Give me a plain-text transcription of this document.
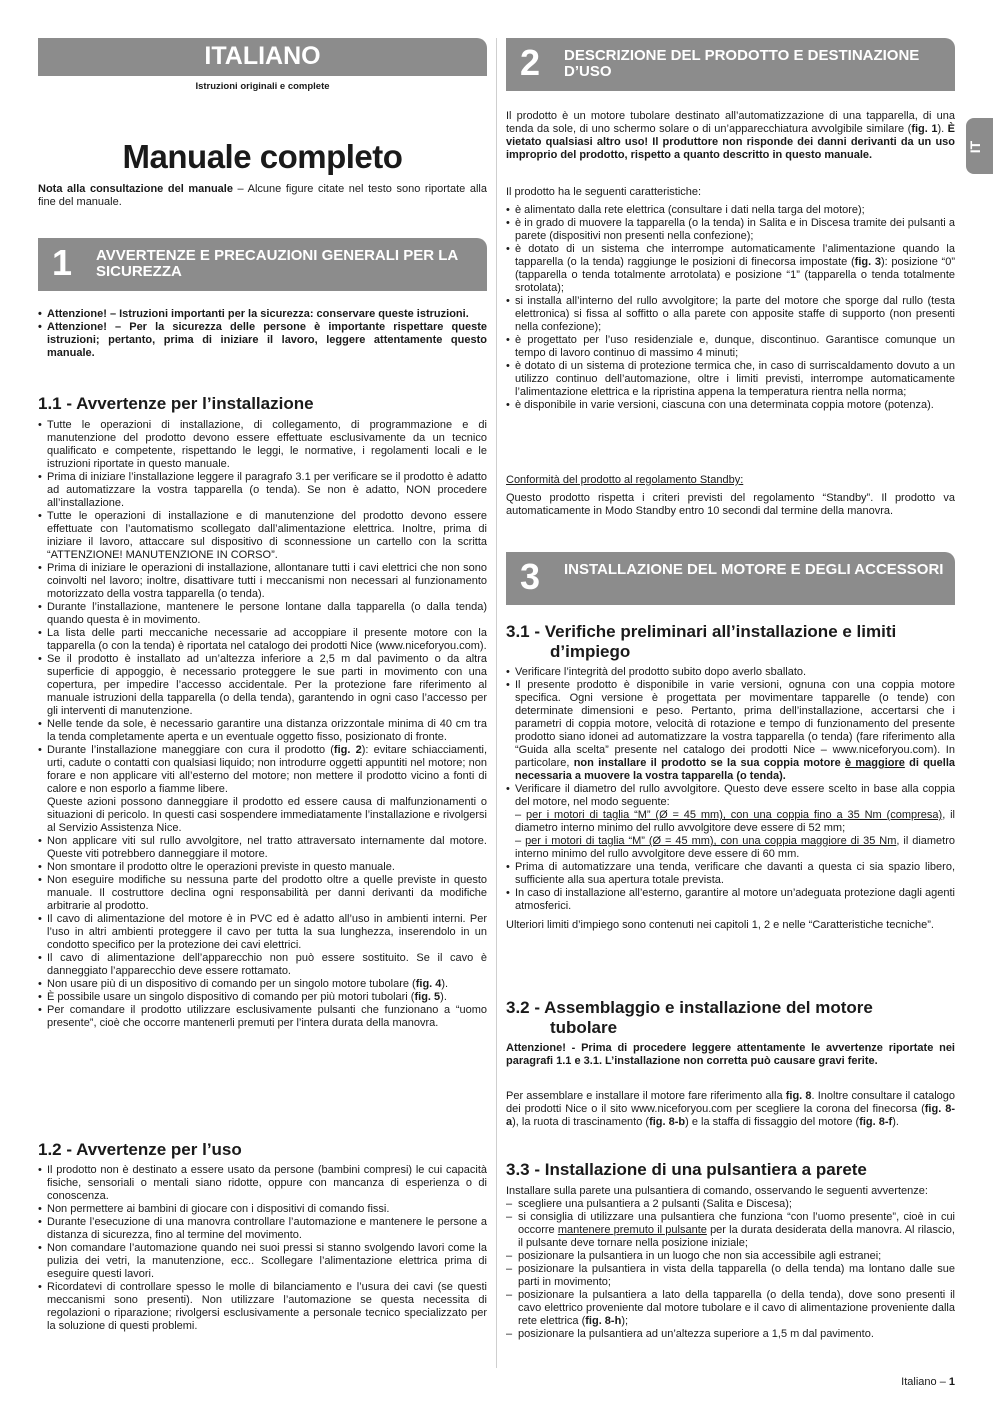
ITALIANO
Istruzioni originali e complete
Manuale completo
Nota alla consultazione del manuale – Alcune figure citate nel testo sono riportate alla fine del manuale.
1 AVVERTENZE E PRECAUZIONI GENERALI PER LA SICUREZZA
• Attenzione! – Istruzioni importanti per la sicurezza: conservare queste istruzioni.
• Attenzione! – Per la sicurezza delle persone è importante rispettare queste istruzioni; pertanto, prima di iniziare il lavoro, leggere attentamente questo manuale.
1.1 - Avvertenze per l’installazione
• Tutte le operazioni di installazione, di collegamento, di programmazione e di manutenzione del prodotto devono essere effettuate esclusivamente da un tecnico qualificato e competente, rispettando le leggi, le normative, i regolamenti locali e le istruzioni riportate in questo manuale.
• Prima di iniziare l’installazione leggere il paragrafo 3.1 per verificare se il prodotto è adatto ad automatizzare la vostra tapparella (o tenda). Se non è adatto, NON procedere all’installazione.
• Tutte le operazioni di installazione e di manutenzione del prodotto devono essere effettuate con l’automatismo scollegato dall’alimentazione elettrica. Inoltre, prima di iniziare il lavoro, attaccare sul dispositivo di sconnessione un cartello con la scritta “ATTENZIONE! MANUTENZIONE IN CORSO”.
• Prima di iniziare le operazioni di installazione, allontanare tutti i cavi elettrici che non sono coinvolti nel lavoro; inoltre, disattivare tutti i meccanismi non necessari al funzionamento motorizzato della vostra tapparella (o tenda).
• Durante l’installazione, mantenere le persone lontane dalla tapparella (o dalla tenda) quando questa è in movimento.
• La lista delle parti meccaniche necessarie ad accoppiare il presente motore con la tapparella (o con la tenda) è riportata nel catalogo dei prodotti Nice (www.niceforyou.com).
• Se il prodotto è installato ad un’altezza inferiore a 2,5 m dal pavimento o da altra superficie di appoggio, è necessario proteggere le sue parti in movimento con una copertura, per impedire l’accesso accidentale. Per la protezione fare riferimento al manuale istruzioni della tapparella (o della tenda), garantendo in ogni caso l’accesso per gli interventi di manutenzione.
• Nelle tende da sole, è necessario garantire una distanza orizzontale minima di 40 cm tra la tenda completamente aperta e un eventuale oggetto fisso, posizionato di fronte.
• Durante l’installazione maneggiare con cura il prodotto (fig. 2): evitare schiacciamenti, urti, cadute o contatti con qualsiasi liquido; non introdurre oggetti appuntiti nel motore; non forare e non applicare viti all’esterno del motore; non mettere il prodotto vicino a fonti di calore e non esporlo a fiamme libere.
Queste azioni possono danneggiare il prodotto ed essere causa di malfunzionamenti o situazioni di pericolo. In questi casi sospendere immediatamente l’installazione e rivolgersi al Servizio Assistenza Nice.
• Non applicare viti sul rullo avvolgitore, nel tratto attraversato internamente dal motore. Queste viti potrebbero danneggiare il motore.
• Non smontare il prodotto oltre le operazioni previste in questo manuale.
• Non eseguire modifiche su nessuna parte del prodotto oltre a quelle previste in questo manuale. Il costruttore declina ogni responsabilità per danni derivanti da modifiche arbitrarie al prodotto.
• Il cavo di alimentazione del motore è in PVC ed è adatto all’uso in ambienti interni. Per l’uso in altri ambienti proteggere il cavo per tutta la sua lunghezza, inserendolo in un condotto specifico per la protezione dei cavi elettrici.
• Il cavo di alimentazione dell’apparecchio non può essere sostituito. Se il cavo è danneggiato l’apparecchio deve essere rottamato.
• Non usare più di un dispositivo di comando per un singolo motore tubolare (fig. 4).
• È possibile usare un singolo dispositivo di comando per più motori tubolari (fig. 5).
• Per comandare il prodotto utilizzare esclusivamente pulsanti che funzionano a “uomo presente”, cioè che occorre mantenerli premuti per l’intera durata della manovra.
1.2 - Avvertenze per l’uso
• Il prodotto non è destinato a essere usato da persone (bambini compresi) le cui capacità fisiche, sensoriali o mentali siano ridotte, oppure con mancanza di esperienza o di conoscenza.
• Non permettere ai bambini di giocare con i dispositivi di comando fissi.
• Durante l’esecuzione di una manovra controllare l’automazione e mantenere le persone a distanza di sicurezza, fino al termine del movimento.
• Non comandare l’automazione quando nei suoi pressi si stanno svolgendo lavori come la pulizia dei vetri, la manutenzione, ecc.. Scollegare l’alimentazione elettrica prima di eseguire questi lavori.
• Ricordatevi di controllare spesso le molle di bilanciamento e l’usura dei cavi (se questi meccanismi sono presenti). Non utilizzare l’automazione se questa necessita di regolazioni o riparazione; rivolgersi esclusivamente a personale tecnico specializzato per la soluzione di questi problemi.
2 DESCRIZIONE DEL PRODOTTO E DESTINAZIONE D’USO

Il prodotto è un motore tubolare destinato all’automatizzazione di una tapparella, di una tenda da sole, di uno schermo solare o di un’apparecchiatura avvolgibile similare (fig. 1). È vietato qualsiasi altro uso! Il produttore non risponde dei danni derivanti da un uso improprio del prodotto, rispetto a quanto descritto in questo manuale.

Il prodotto ha le seguenti caratteristiche:
• è alimentato dalla rete elettrica (consultare i dati nella targa del motore);
• è in grado di muovere la tapparella (o la tenda) in Salita e in Discesa tramite dei pulsanti a parete (dispositivi non presenti nella confezione);
• è dotato di un sistema che interrompe automaticamente l’alimentazione quando la tapparella (o la tenda) raggiunge le posizioni di finecorsa impostate (fig. 3): posizione “0” (tapparella o tenda totalmente arrotolata) e posizione “1” (tapparella o tenda totalmente srotolata);
• si installa all’interno del rullo avvolgitore; la parte del motore che sporge dal rullo (testa elettronica) si fissa al soffitto o alla parete con apposite staffe di supporto (non presenti nella confezione);
• è progettato per l’uso residenziale e, dunque, discontinuo. Garantisce comunque un tempo di lavoro continuo di massimo 4 minuti;
• è dotato di un sistema di protezione termica che, in caso di surriscaldamento dovuto a un utilizzo continuo dell’automazione, oltre i limiti previsti, interrompe automaticamente l’alimentazione elettrica e la ripristina appena la temperatura rientra nella norma;
• è disponibile in varie versioni, ciascuna con una determinata coppia motore (potenza).
Conformità del prodotto al regolamento Standby:
Questo prodotto rispetta i criteri previsti del regolamento “Standby”. Il prodotto va automaticamente in Modo Standby entro 10 secondi dal termine della manovra.
3 INSTALLAZIONE DEL MOTORE E DEGLI ACCESSORI
3.1 - Verifiche preliminari all’installazione e limiti
d’impiego
• Verificare l’integrità del prodotto subito dopo averlo sballato.
• Il presente prodotto è disponibile in varie versioni, ognuna con una coppia motore specifica. Ogni versione è progettata per movimentare tapparelle (o tende) con determinate dimensioni e peso. Pertanto, prima dell’installazione, accertarsi che i parametri di coppia motore, velocità di rotazione e tempo di funzionamento del presente prodotto siano idonei ad automatizzare la vostra tapparella (o tenda) (fare riferimento alla “Guida alla scelta” presente nel catalogo dei prodotti Nice – www.niceforyou.com). In particolare, non installare il prodotto se la sua coppia motore è maggiore di quella necessaria a muovere la vostra tapparella (o tenda).
• Verificare il diametro del rullo avvolgitore. Questo deve essere scelto in base alla coppia del motore, nel modo seguente:
– per i motori di taglia “M” (Ø = 45 mm), con una coppia fino a 35 Nm (compresa), il diametro interno minimo del rullo avvolgitore deve essere di 52 mm;
– per i motori di taglia “M” (Ø = 45 mm), con una coppia maggiore di 35 Nm, il diametro interno minimo del rullo avvolgitore deve essere di 60 mm.
• Prima di automatizzare una tenda, verificare che davanti a questa ci sia spazio libero, sufficiente alla sua apertura totale prevista.
• In caso di installazione all’esterno, garantire al motore un’adeguata protezione dagli agenti atmosferici.

Ulteriori limiti d’impiego sono contenuti nei capitoli 1, 2 e nelle “Caratteristiche tecniche”.

3.2 - Assemblaggio e installazione del motore
tubolare
Attenzione! - Prima di procedere leggere attentamente le avvertenze riportate nei paragrafi 1.1 e 3.1. L’installazione non corretta può causare gravi ferite.
Per assemblare e installare il motore fare riferimento alla fig. 8. Inoltre consultare il catalogo dei prodotti Nice o il sito www.niceforyou.com per scegliere la corona del finecorsa (fig. 8-a), la ruota di trascinamento (fig. 8-b) e la staffa di fissaggio del motore (fig. 8-f).
3.3 - Installazione di una pulsantiera a parete

Installare sulla parete una pulsantiera di comando, osservando le seguenti avvertenze:

– scegliere una pulsantiera a 2 pulsanti (Salita e Discesa);
– si consiglia di utilizzare una pulsantiera che funziona “con l’uomo presente”, cioè in cui occorre mantenere premuto il pulsante per la durata desiderata della manovra. Al rilascio, il pulsante deve tornare nella posizione iniziale;
– posizionare la pulsantiera in un luogo che non sia accessibile agli estranei;
– posizionare la pulsantiera in vista della tapparella (o della tenda) ma lontano dalle sue parti in movimento;
– posizionare la pulsantiera a lato della tapparella (o della tenda), dove sono presenti il cavo elettrico proveniente dal motore tubolare e il cavo di alimentazione proveniente dalla rete elettrica (fig. 8-h);
– posizionare la pulsantiera ad un’altezza superiore a 1,5 m dal pavimento.
IT
Italiano – 1
